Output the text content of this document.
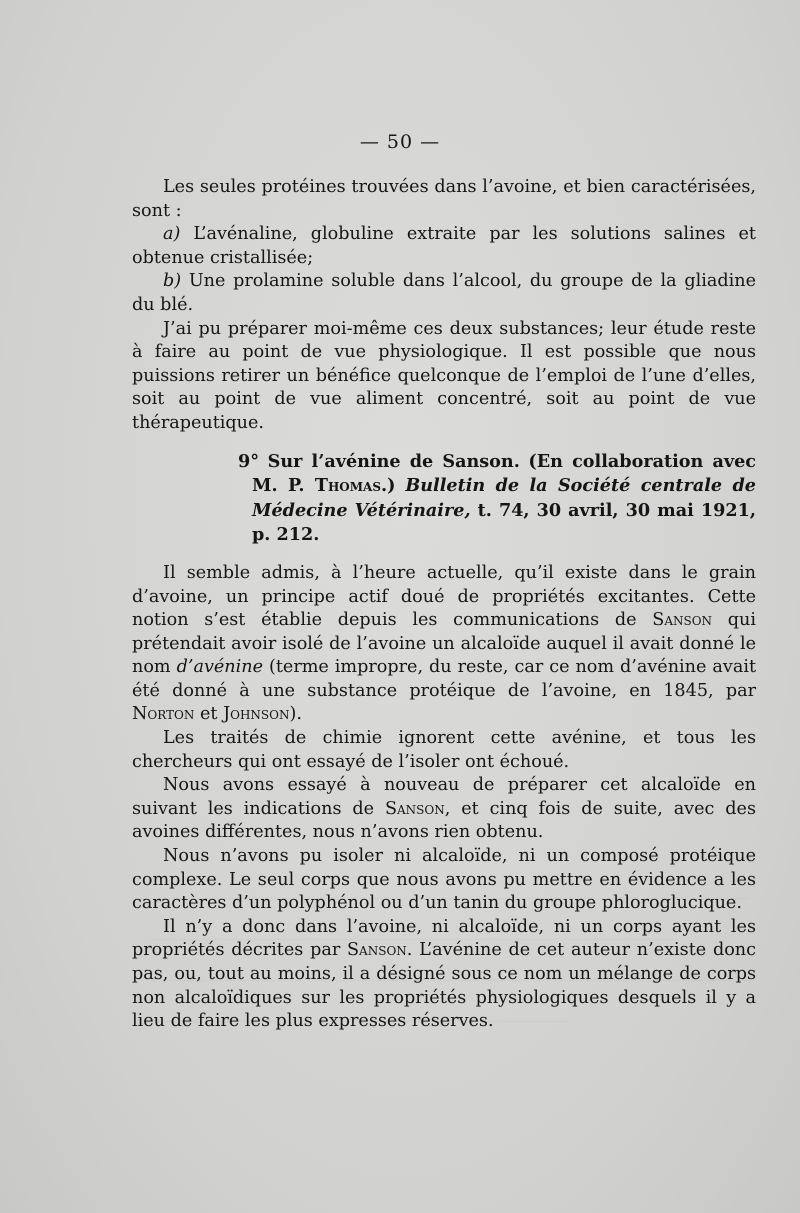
— 50 —

Les seules protéines trouvées dans l’avoine, et bien caractérisées, sont :

a) L’avénaline, globuline extraite par les solutions salines et obtenue cristallisée;

b) Une prolamine soluble dans l’alcool, du groupe de la gliadine du blé.

J’ai pu préparer moi-même ces deux substances; leur étude reste à faire au point de vue physiologique. Il est possible que nous puissions retirer un bénéfice quelconque de l’emploi de l’une d’elles, soit au point de vue aliment concentré, soit au point de vue thérapeutique.

9° Sur l’avénine de Sanson. (En collaboration avec M. P. Thomas.) Bulletin de la Société centrale de Médecine Vétérinaire, t. 74, 30 avril, 30 mai 1921, p. 212.

Il semble admis, à l’heure actuelle, qu’il existe dans le grain d’avoine, un principe actif doué de propriétés excitantes. Cette notion s’est établie depuis les communications de Sanson qui prétendait avoir isolé de l’avoine un alcaloïde auquel il avait donné le nom d’avénine (terme impropre, du reste, car ce nom d’avénine avait été donné à une substance protéique de l’avoine, en 1845, par Norton et Johnson).

Les traités de chimie ignorent cette avénine, et tous les chercheurs qui ont essayé de l’isoler ont échoué.

Nous avons essayé à nouveau de préparer cet alcaloïde en suivant les indications de Sanson, et cinq fois de suite, avec des avoines différentes, nous n’avons rien obtenu.

Nous n’avons pu isoler ni alcaloïde, ni un composé protéique complexe. Le seul corps que nous avons pu mettre en évidence a les caractères d’un polyphénol ou d’un tanin du groupe phloroglucique.

Il n’y a donc dans l’avoine, ni alcaloïde, ni un corps ayant les propriétés décrites par Sanson. L’avénine de cet auteur n’existe donc pas, ou, tout au moins, il a désigné sous ce nom un mélange de corps non alcaloïdiques sur les propriétés physiologiques desquels il y a lieu de faire les plus expresses réserves.
